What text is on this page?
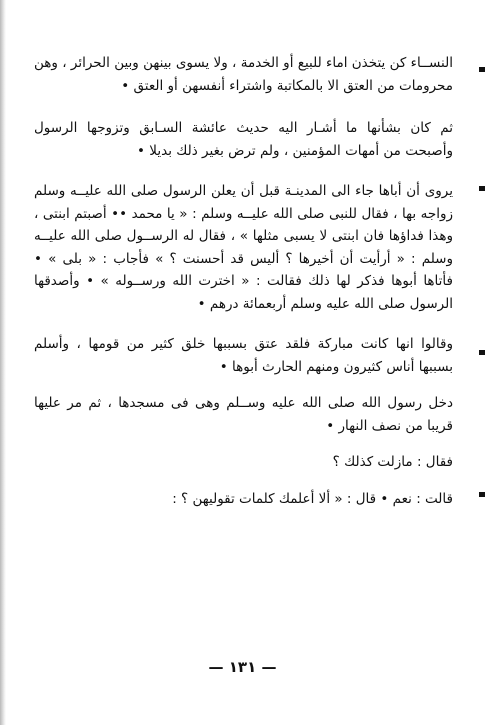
النســاء كن يتخذن اماء للبيع أو الخدمة ، ولا يسوى بينهن وبين الحرائر ، وهن محرومات من العتق الا بالمكاتبة واشتراء أنفسهن أو العتق •

ثم كان بشأنها ما أشـار اليه حديث عائشة السـابق وتزوجها الرسول وأصبحت من أمهات المؤمنين ، ولم ترض بغير ذلك بديلا •

يروى أن أباها جاء الى المدينـة قبل أن يعلن الرسول صلى الله عليــه وسلم زواجه بها ، فقال للنبى صلى الله عليــه وسلم : « يا محمد •• أصبتم ابنتى ، وهذا فداؤها فان ابنتى لا يسبى مثلها » ، فقال له الرســول صلى الله عليــه وسلم : « أرأيت أن أخيرها ؟ أليس قد أحسنت ؟ » فأجاب : « بلى » • فأتاها أبوها فذكر لها ذلك فقالت : « اخترت الله ورســوله » • وأصدقها الرسول صلى الله عليه وسلم أربعمائة درهم •

وقالوا انها كانت مباركة فلقد عتق بسببها خلق كثير من قومها ، وأسلم بسببها أناس كثيرون ومنهم الحارث أبوها •

دخل رسول الله صلى الله عليه وســلم وهى فى مسجدها ، ثم مر عليها قريبا من نصف النهار •

فقال : مازلت كذلك ؟

قالت : نعم • قال : « ألا أعلمك كلمات تقوليهن ؟ :

— ١٣١ —
